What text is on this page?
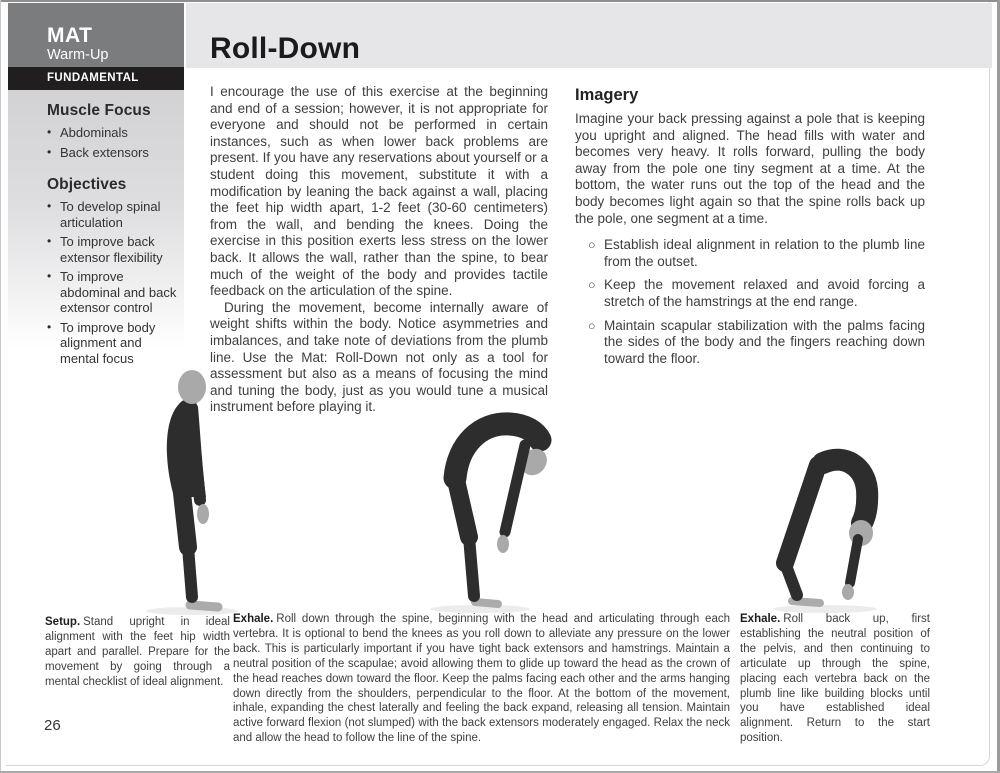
MAT
Warm-Up
FUNDAMENTAL
Roll-Down
Muscle Focus
• Abdominals
• Back extensors
Objectives
• To develop spinal articulation
• To improve back extensor flexibility
• To improve abdominal and back extensor control
• To improve body alignment and mental focus

I encourage the use of this exercise at the beginning and end of a session; however, it is not appropriate for everyone and should not be performed in certain instances, such as when lower back problems are present. If you have any reservations about yourself or a student doing this movement, substitute it with a modification by leaning the back against a wall, placing the feet hip width apart, 1-2 feet (30-60 centimeters) from the wall, and bending the knees. Doing the exercise in this position exerts less stress on the lower back. It allows the wall, rather than the spine, to bear much of the weight of the body and provides tactile feedback on the articulation of the spine.

During the movement, become internally aware of weight shifts within the body. Notice asymmetries and imbalances, and take note of deviations from the plumb line. Use the Mat: Roll-Down not only as a tool for assessment but also as a means of focusing the mind and tuning the body, just as you would tune a musical instrument before playing it.

Imagery

Imagine your back pressing against a pole that is keeping you upright and aligned. The head fills with water and becomes very heavy. It rolls forward, pulling the body away from the pole one tiny segment at a time. At the bottom, the water runs out the top of the head and the body becomes light again so that the spine rolls back up the pole, one segment at a time.

○ Establish ideal alignment in relation to the plumb line from the outset.
○ Keep the movement relaxed and avoid forcing a stretch of the hamstrings at the end range.
○ Maintain scapular stabilization with the palms facing the sides of the body and the fingers reaching down toward the floor.

Setup. Stand upright in ideal alignment with the feet hip width apart and parallel. Prepare for the movement by going through a mental checklist of ideal alignment.

Exhale. Roll down through the spine, beginning with the head and articulating through each vertebra. It is optional to bend the knees as you roll down to alleviate any pressure on the lower back. This is particularly important if you have tight back extensors and hamstrings. Maintain a neutral position of the scapulae; avoid allowing them to glide up toward the head as the crown of the head reaches down toward the floor. Keep the palms facing each other and the arms hanging down directly from the shoulders, perpendicular to the floor. At the bottom of the movement, inhale, expanding the chest laterally and feeling the back expand, releasing all tension. Maintain active forward flexion (not slumped) with the back extensors moderately engaged. Relax the neck and allow the head to follow the line of the spine.

Exhale. Roll back up, first establishing the neutral position of the pelvis, and then continuing to articulate up through the spine, placing each vertebra back on the plumb line like building blocks until you have established ideal alignment. Return to the start position.

26
